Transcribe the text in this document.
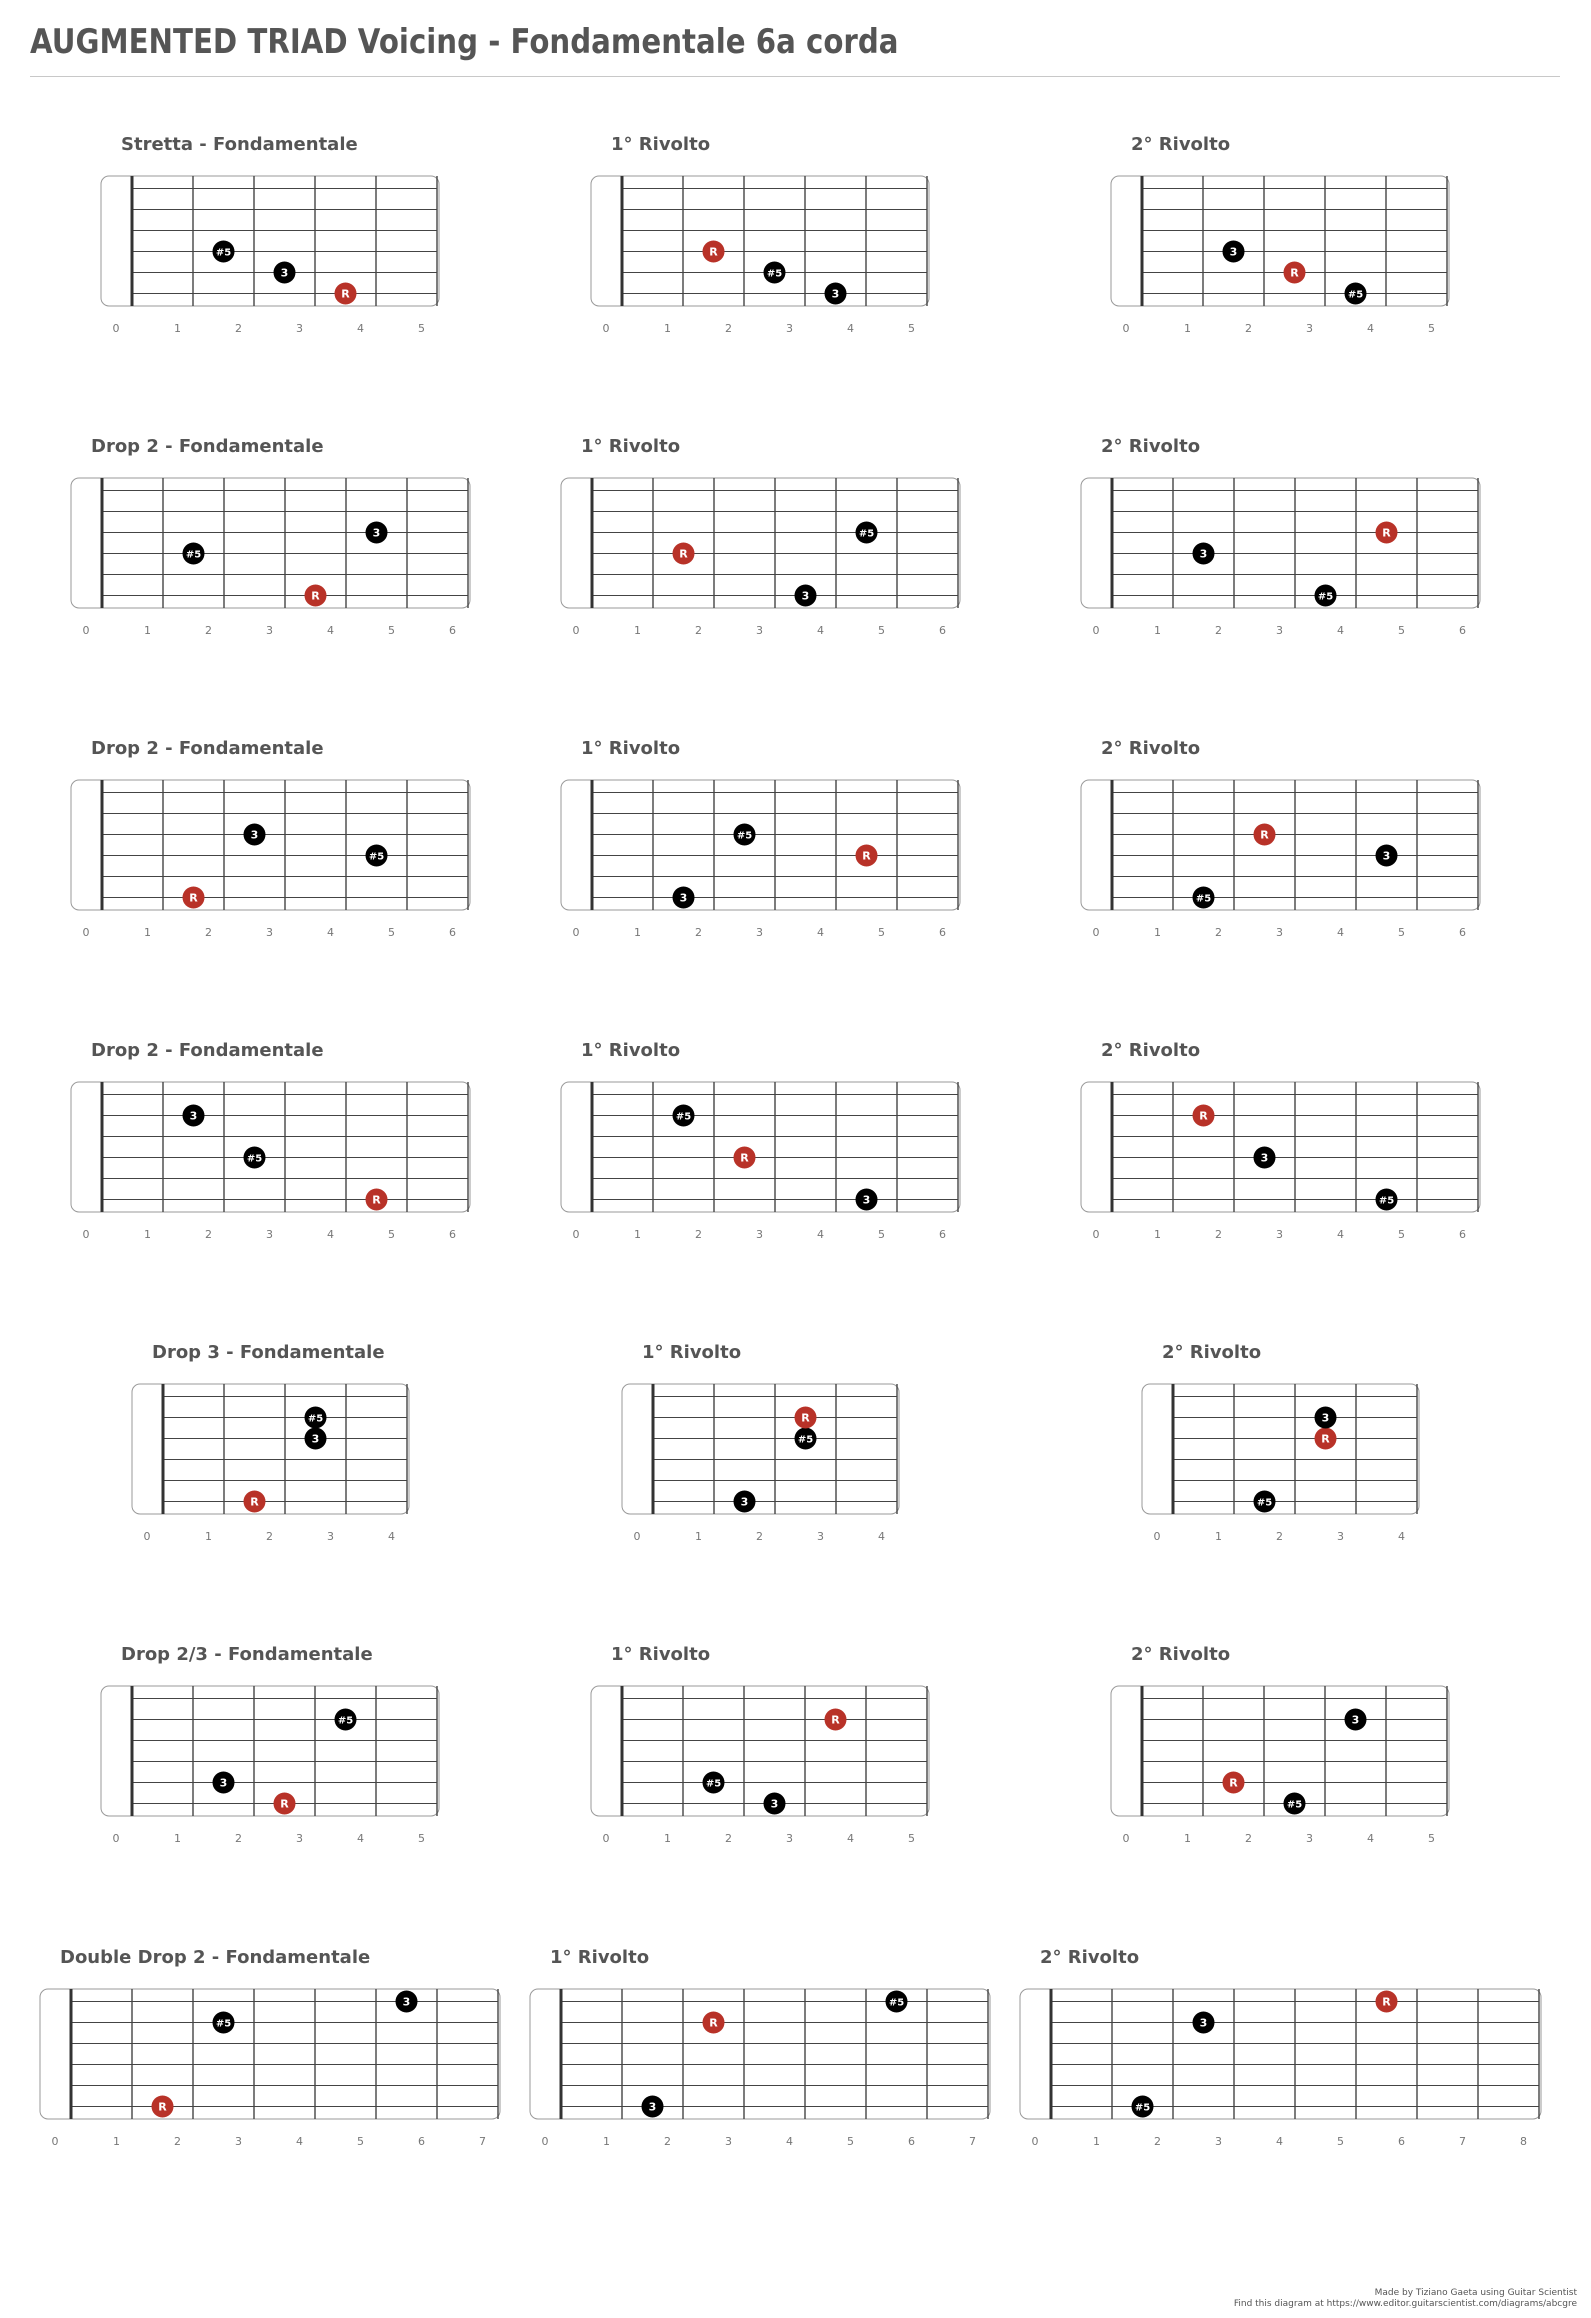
AUGMENTED TRIAD Voicing - Fondamentale 6a corda
Stretta - Fondamentale
0	1	2	3	4	5
R
3
#5
1° Rivolto
0	1	2	3	4	5
3
#5
R
2° Rivolto
0	1	2	3	4	5
#5
R
3
Drop 2 - Fondamentale
0	1	2	3	4	5	6
R
#5
3
1° Rivolto
0	1	2	3	4	5	6
3
R
#5
2° Rivolto
0	1	2	3	4	5	6
#5
3
R
Drop 2 - Fondamentale
0	1	2	3	4	5	6
R
#5
3
1° Rivolto
0	1	2	3	4	5	6
3
R
#5
2° Rivolto
0	1	2	3	4	5	6
#5
3
R
Drop 2 - Fondamentale
0	1	2	3	4	5	6
R
#5
3
1° Rivolto
0	1	2	3	4	5	6
3
R
#5
2° Rivolto
0	1	2	3	4	5	6
#5
3
R
Drop 3 - Fondamentale
0	1	2	3	4
R
3
#5
1° Rivolto
0	1	2	3	4
3
#5
R
2° Rivolto
0	1	2	3	4
#5
R
3
Drop 2/3 - Fondamentale
0	1	2	3	4	5
R
3
#5
1° Rivolto
0	1	2	3	4	5
3
#5
R
2° Rivolto
0	1	2	3	4	5
#5
R
3
Double Drop 2 - Fondamentale
0	1	2	3	4	5	6	7
R
#5
3
1° Rivolto
0	1	2	3	4	5	6	7
3
R
#5
2° Rivolto
0	1	2	3	4	5	6	7	8
#5
3
R
Made by Tiziano Gaeta using Guitar Scientist
Find this diagram at https://www.editor.guitarscientist.com/diagrams/abcgre
